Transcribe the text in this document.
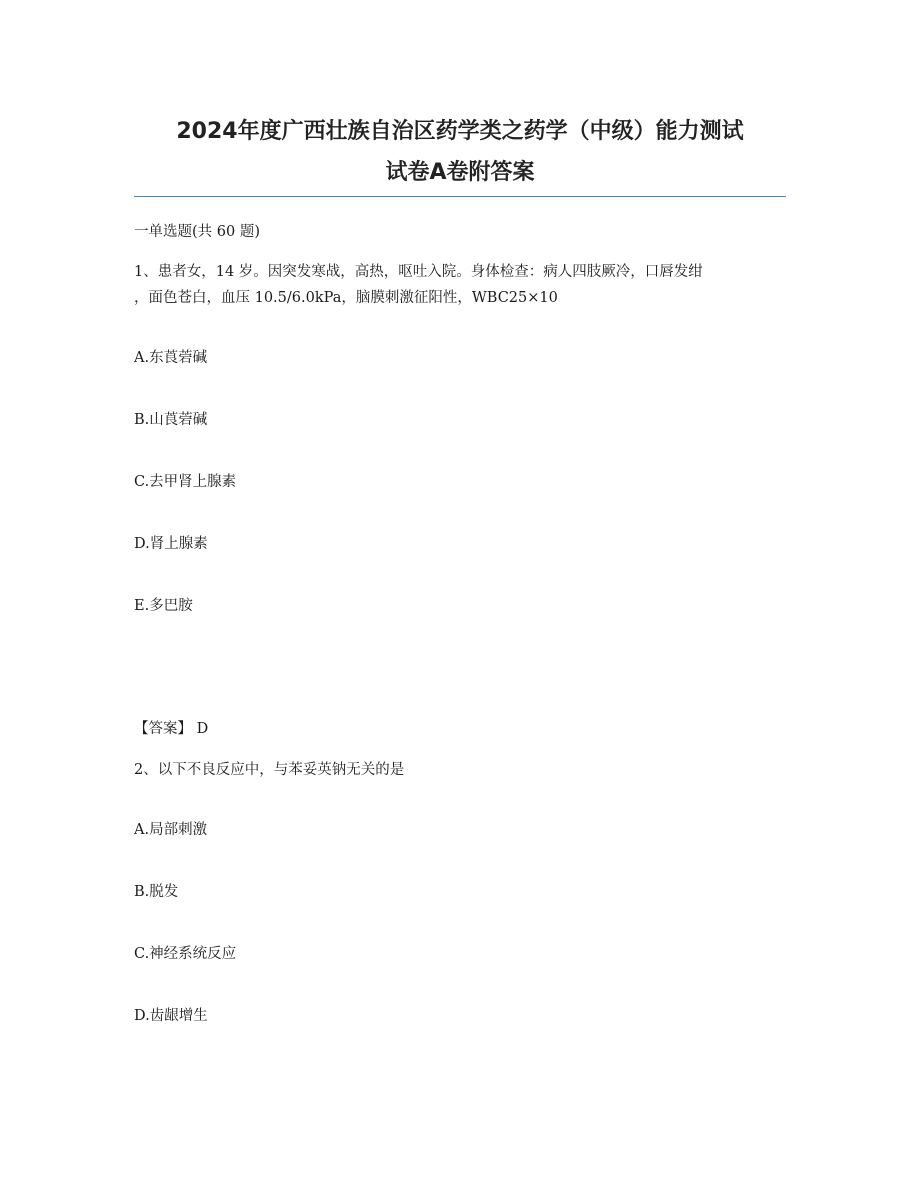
2024年度广西壮族自治区药学类之药学（中级）能力测试
试卷A卷附答案
一单选题(共 60 题)
1、患者女，14 岁。因突发寒战，高热，呕吐入院。身体检查：病人四肢厥冷，口唇发绀
，面色苍白，血压 10.5/6.0kPa，脑膜刺激征阳性，WBC25×10
A.东莨菪碱
B.山莨菪碱
C.去甲肾上腺素
D.肾上腺素
E.多巴胺
【答案】 D
2、以下不良反应中，与苯妥英钠无关的是
A.局部刺激
B.脱发
C.神经系统反应
D.齿龈增生
